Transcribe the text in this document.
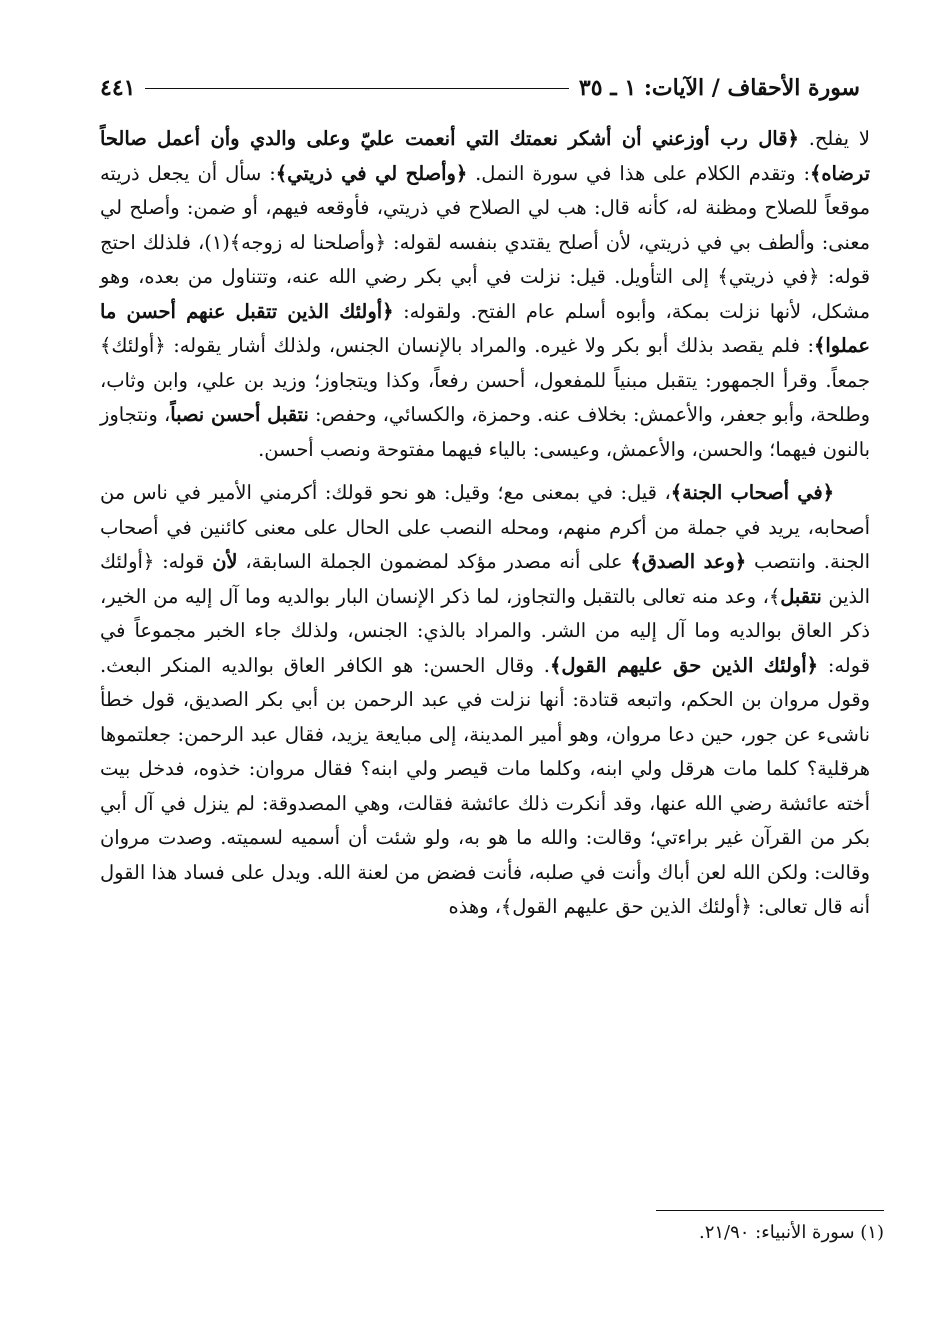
سورة الأحقاف / الآيات: ١ ـ ٣٥
٤٤١

لا يفلح. ﴿قال رب أوزعني أن أشكر نعمتك التي أنعمت عليّ وعلى والدي وأن أعمل صالحاً ترضاه﴾: وتقدم الكلام على هذا في سورة النمل. ﴿وأصلح لي في ذريتي﴾: سأل أن يجعل ذريته موقعاً للصلاح ومظنة له، كأنه قال: هب لي الصلاح في ذريتي، فأوقعه فيهم، أو ضمن: وأصلح لي معنى: وألطف بي في ذريتي، لأن أصلح يقتدي بنفسه لقوله: ﴿وأصلحنا له زوجه﴾(١)، فلذلك احتج قوله: ﴿في ذريتي﴾ إلى التأويل. قيل: نزلت في أبي بكر رضي الله عنه، وتتناول من بعده، وهو مشكل، لأنها نزلت بمكة، وأبوه أسلم عام الفتح. ولقوله: ﴿أولئك الذين تتقبل عنهم أحسن ما عملوا﴾: فلم يقصد بذلك أبو بكر ولا غيره. والمراد بالإنسان الجنس، ولذلك أشار يقوله: ﴿أولئك﴾ جمعاً. وقرأ الجمهور: يتقبل مبنياً للمفعول، أحسن رفعاً، وكذا ويتجاوز؛ وزيد بن علي، وابن وثاب، وطلحة، وأبو جعفر، والأعمش: بخلاف عنه. وحمزة، والكسائي، وحفص: نتقبل أحسن نصباً، ونتجاوز بالنون فيهما؛ والحسن، والأعمش، وعيسى: بالياء فيهما مفتوحة ونصب أحسن.

﴿في أصحاب الجنة﴾، قيل: في بمعنى مع؛ وقيل: هو نحو قولك: أكرمني الأمير في ناس من أصحابه، يريد في جملة من أكرم منهم، ومحله النصب على الحال على معنى كائنين في أصحاب الجنة. وانتصب ﴿وعد الصدق﴾ على أنه مصدر مؤكد لمضمون الجملة السابقة، لأن قوله: ﴿أولئك الذين نتقبل﴾، وعد منه تعالى بالتقبل والتجاوز، لما ذكر الإنسان البار بوالديه وما آل إليه من الخير، ذكر العاق بوالديه وما آل إليه من الشر. والمراد بالذي: الجنس، ولذلك جاء الخبر مجموعاً في قوله: ﴿أولئك الذين حق عليهم القول﴾. وقال الحسن: هو الكافر العاق بوالديه المنكر البعث. وقول مروان بن الحكم، واتبعه قتادة: أنها نزلت في عبد الرحمن بن أبي بكر الصديق، قول خطأ ناشىء عن جور، حين دعا مروان، وهو أمير المدينة، إلى مبايعة يزيد، فقال عبد الرحمن: جعلتموها هرقلية؟ كلما مات هرقل ولي ابنه، وكلما مات قيصر ولي ابنه؟ فقال مروان: خذوه، فدخل بيت أخته عائشة رضي الله عنها، وقد أنكرت ذلك عائشة فقالت، وهي المصدوقة: لم ينزل في آل أبي بكر من القرآن غير براءتي؛ وقالت: والله ما هو به، ولو شئت أن أسميه لسميته. وصدت مروان وقالت: ولكن الله لعن أباك وأنت في صلبه، فأنت فضض من لعنة الله. ويدل على فساد هذا القول أنه قال تعالى: ﴿أولئك الذين حق عليهم القول﴾، وهذه

(١) سورة الأنبياء: ٢١/٩٠.
